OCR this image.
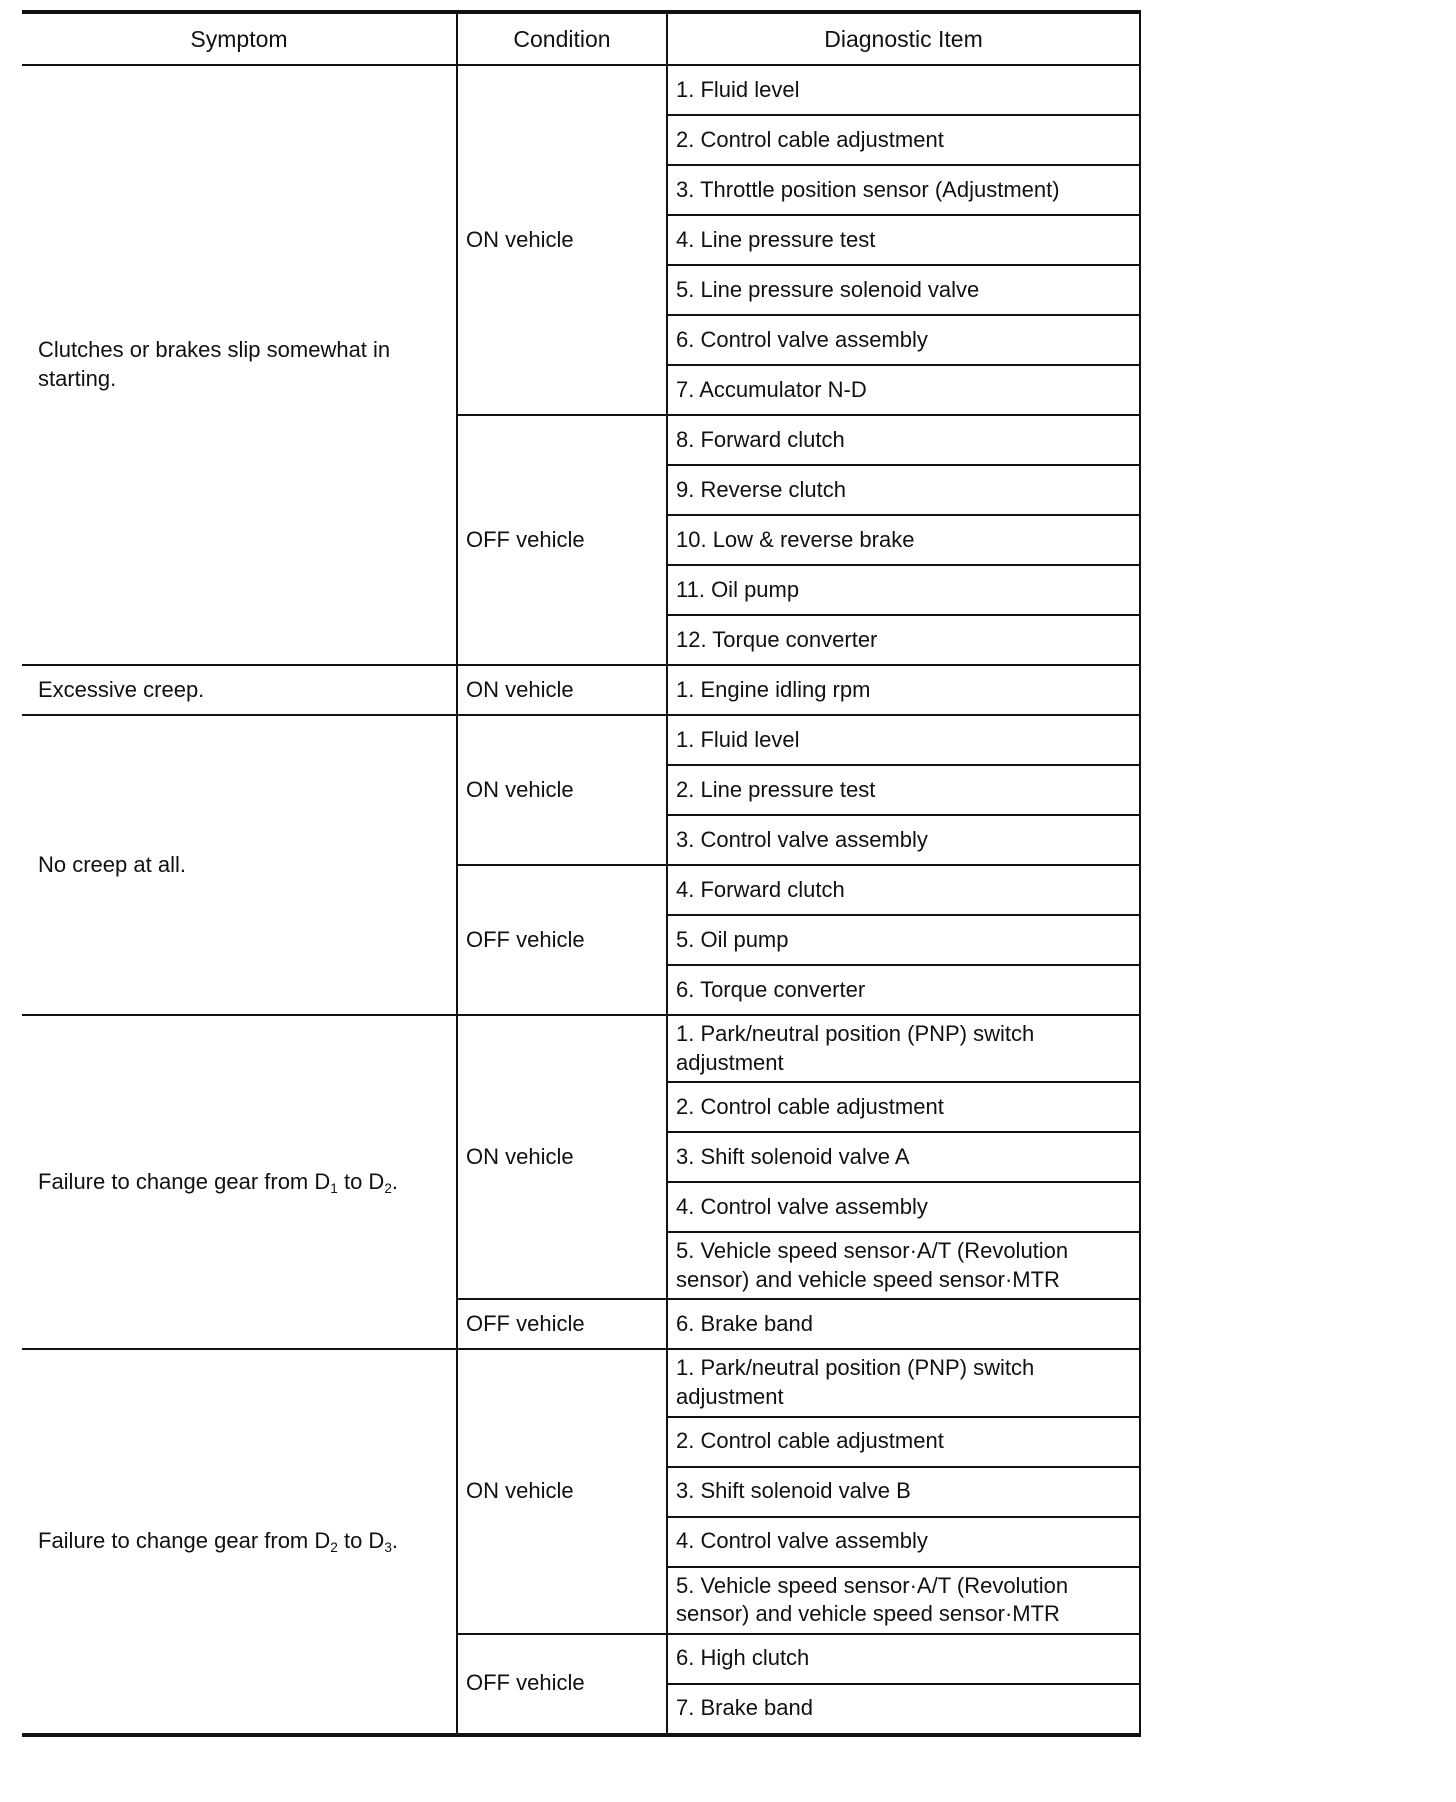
Symptom	Condition	Diagnostic Item
Clutches or brakes slip somewhat in starting.	ON vehicle	1. Fluid level
		2. Control cable adjustment
		3. Throttle position sensor (Adjustment)
		4. Line pressure test
		5. Line pressure solenoid valve
		6. Control valve assembly
		7. Accumulator N-D
	OFF vehicle	8. Forward clutch
		9. Reverse clutch
		10. Low & reverse brake
		11. Oil pump
		12. Torque converter
Excessive creep.	ON vehicle	1. Engine idling rpm
No creep at all.	ON vehicle	1. Fluid level
		2. Line pressure test
		3. Control valve assembly
	OFF vehicle	4. Forward clutch
		5. Oil pump
		6. Torque converter
Failure to change gear from $D_1$ to $D_2$.	ON vehicle	1. Park/neutral position (PNP) switch adjustment
		2. Control cable adjustment
		3. Shift solenoid valve A
		4. Control valve assembly
		5. Vehicle speed sensor·A/T (Revolution sensor) and vehicle speed sensor·MTR
	OFF vehicle	6. Brake band
Failure to change gear from $D_2$ to $D_3$.	ON vehicle	1. Park/neutral position (PNP) switch adjustment
		2. Control cable adjustment
		3. Shift solenoid valve B
		4. Control valve assembly
		5. Vehicle speed sensor·A/T (Revolution sensor) and vehicle speed sensor·MTR
	OFF vehicle	6. High clutch
		7. Brake band
